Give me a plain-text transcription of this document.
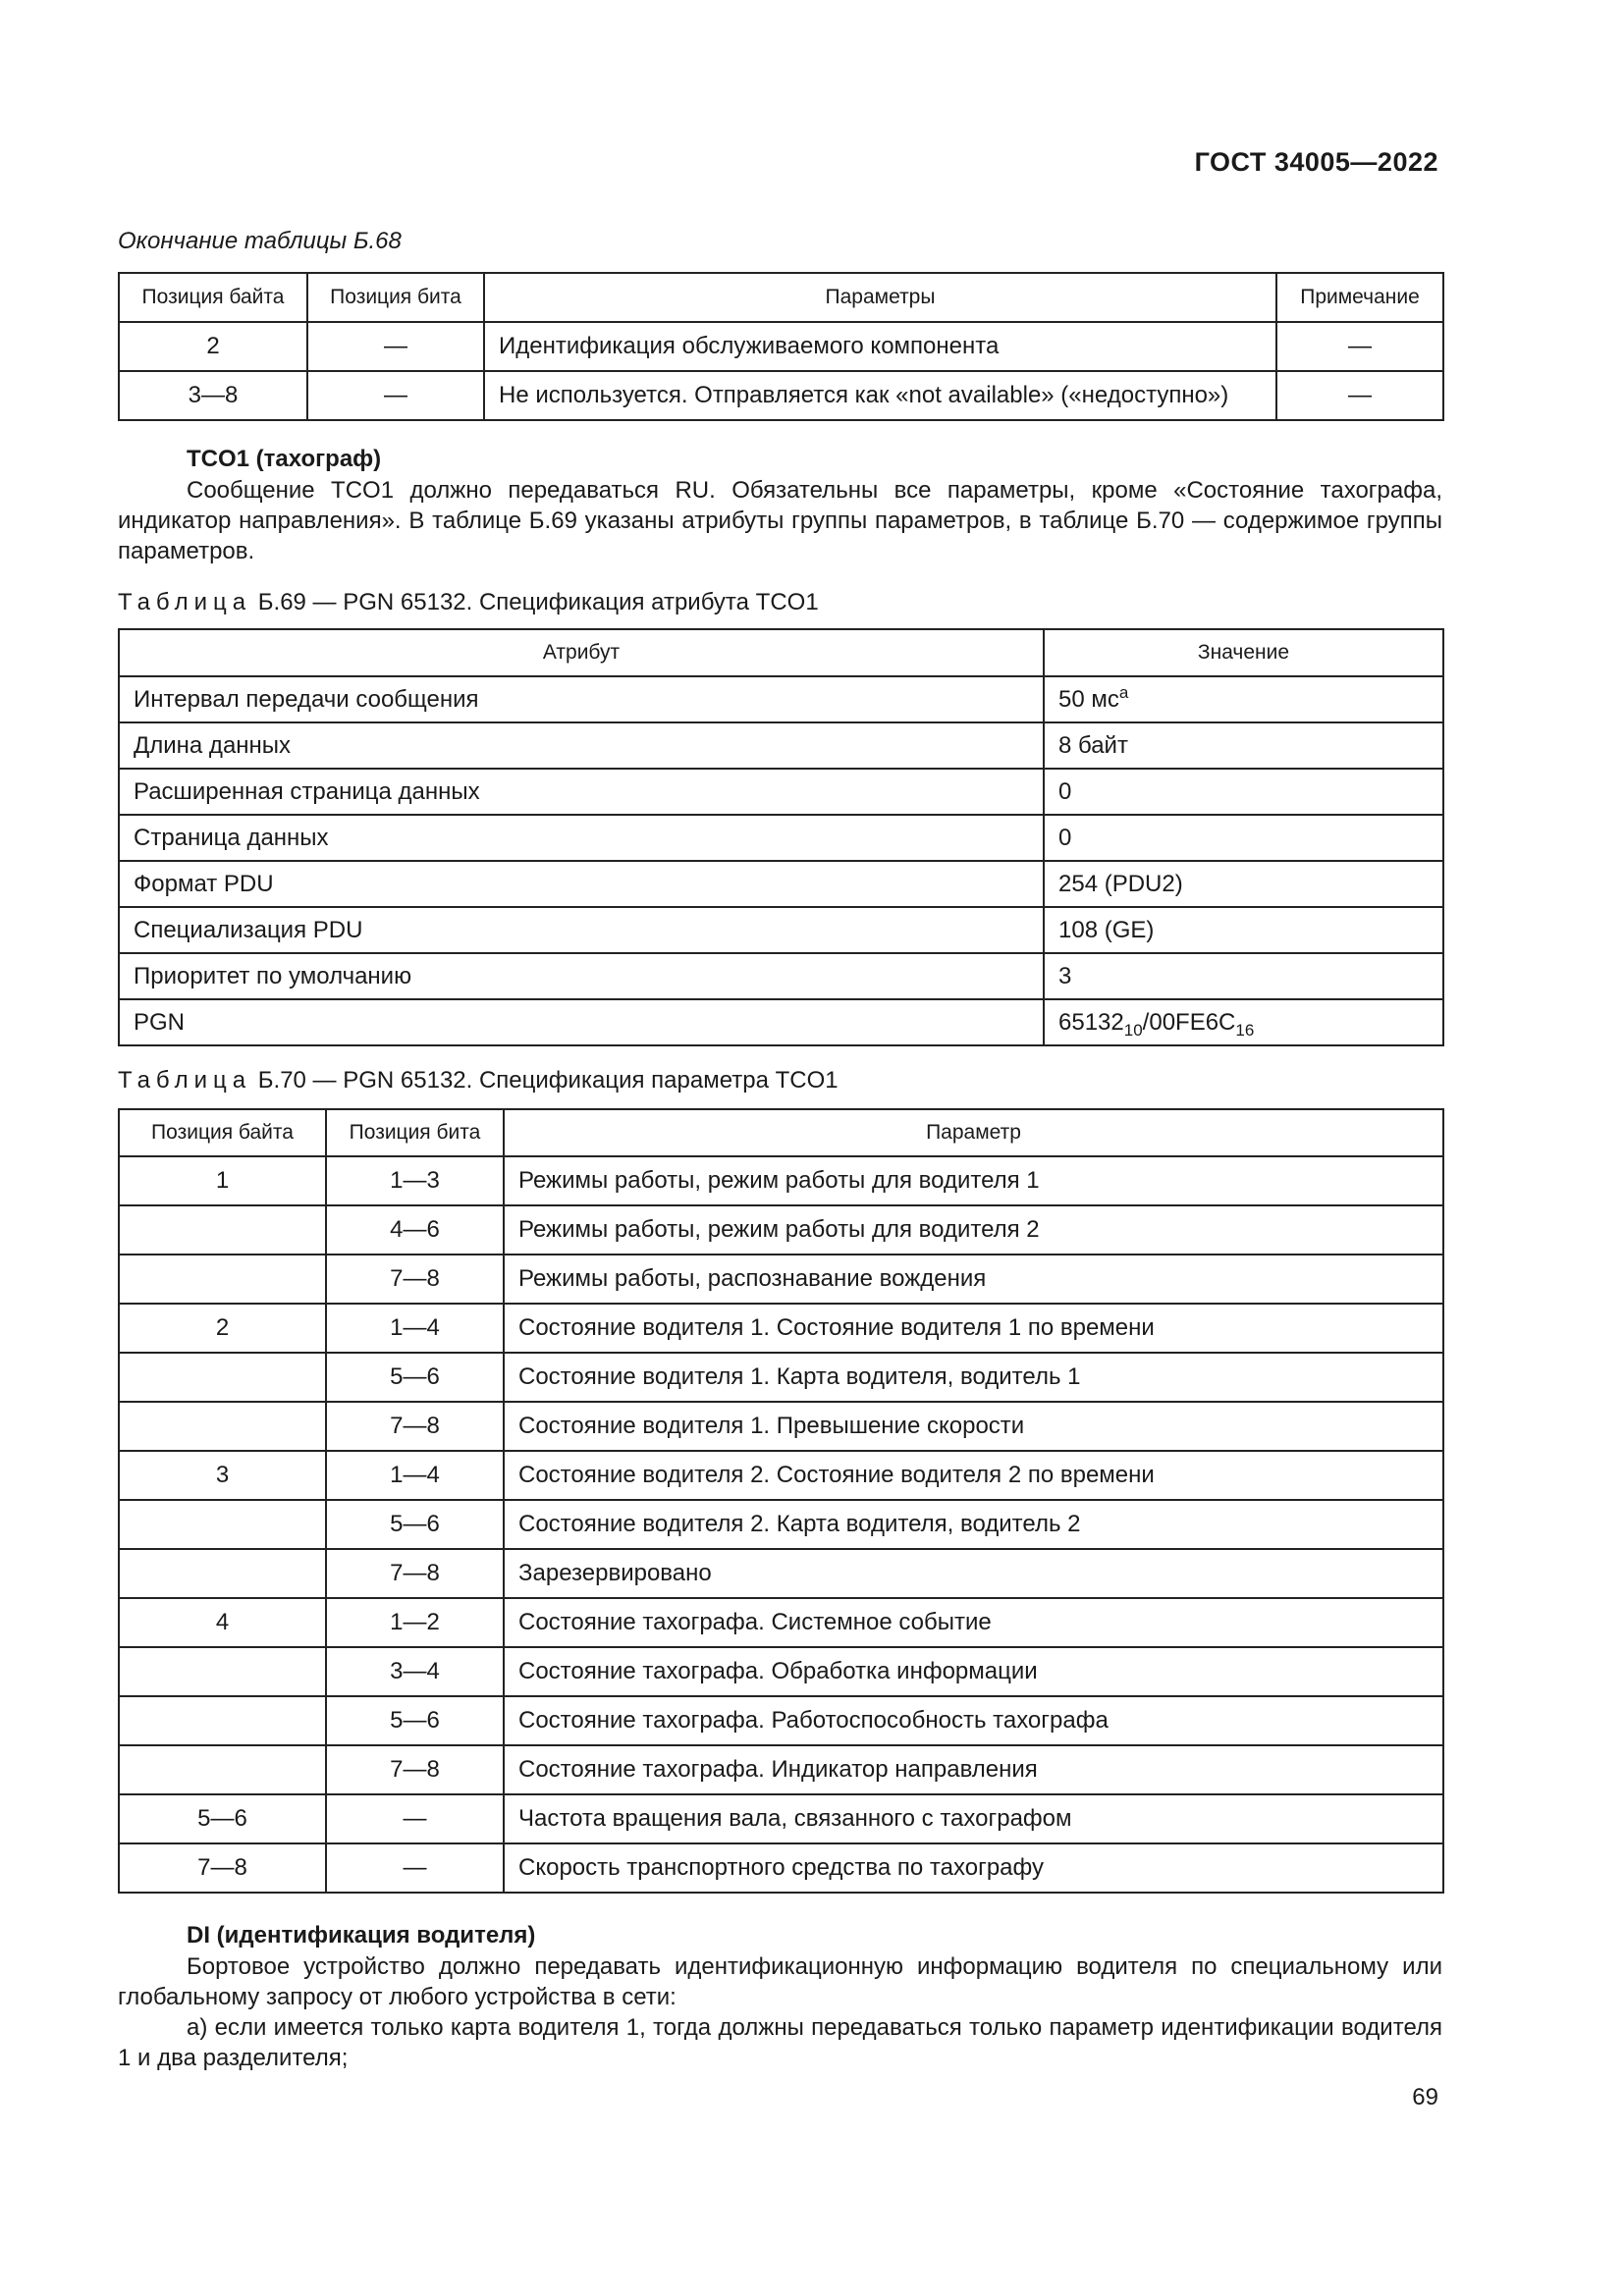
ГОСТ 34005—2022
Окончание таблицы Б.68
Позиция байта	Позиция бита	Параметры	Примечание
2	—	Идентификация обслуживаемого компонента	—
3—8	—	Не используется. Отправляется как «not available» («недоступно»)	—
TCO1 (тахограф)
Сообщение TCO1 должно передаваться RU. Обязательны все параметры, кроме «Состояние тахографа, индикатор направления». В таблице Б.69 указаны атрибуты группы параметров, в таблице Б.70 — содержимое группы параметров.
Таблица Б.69 — PGN 65132. Спецификация атрибута TCO1
Атрибут	Значение
Интервал передачи сообщения	50 $мс^а$
Длина данных	8 байт
Расширенная страница данных	0
Страница данных	0
Формат PDU	254 (PDU2)
Специализация PDU	108 (GE)
Приоритет по умолчанию	3
PGN	$65132_{10}/00FE6C_{16}$
Таблица Б.70 — PGN 65132. Спецификация параметра TCO1
Позиция байта	Позиция бита	Параметр
1	1—3	Режимы работы, режим работы для водителя 1
	4—6	Режимы работы, режим работы для водителя 2
	7—8	Режимы работы, распознавание вождения
2	1—4	Состояние водителя 1. Состояние водителя 1 по времени
	5—6	Состояние водителя 1. Карта водителя, водитель 1
	7—8	Состояние водителя 1. Превышение скорости
3	1—4	Состояние водителя 2. Состояние водителя 2 по времени
	5—6	Состояние водителя 2. Карта водителя, водитель 2
	7—8	Зарезервировано
4	1—2	Состояние тахографа. Системное событие
	3—4	Состояние тахографа. Обработка информации
	5—6	Состояние тахографа. Работоспособность тахографа
	7—8	Состояние тахографа. Индикатор направления
5—6	—	Частота вращения вала, связанного с тахографом
7—8	—	Скорость транспортного средства по тахографу
DI (идентификация водителя)
Бортовое устройство должно передавать идентификационную информацию водителя по специальному или глобальному запросу от любого устройства в сети:
а) если имеется только карта водителя 1, тогда должны передаваться только параметр идентификации водителя 1 и два разделителя;
69
